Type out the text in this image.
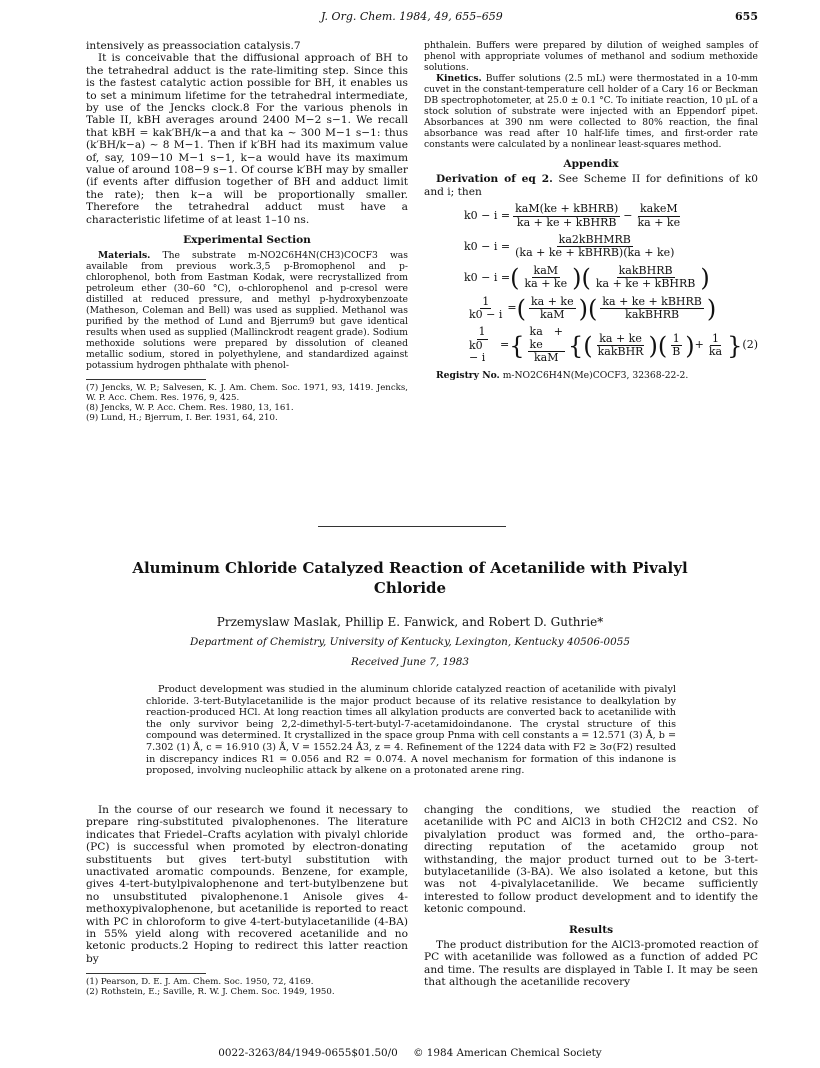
J. Org. Chem. 1984, 49, 655–659	655

intensively as preassociation catalysis.7

It is conceivable that the diffusional approach of BH to the tetrahedral adduct is the rate-limiting step. Since this is the fastest catalytic action possible for BH, it enables us to set a minimum lifetime for the tetrahedral intermediate, by use of the Jencks clock.8 For the various phenols in Table II, kBH averages around 2400 M−2 s−1. We recall that kBH = kak′BH/k−a and that ka ∼ 300 M−1 s−1: thus (k′BH/k−a) ∼ 8 M−1. Then if k′BH had its maximum value of, say, 109−10 M−1 s−1, k−a would have its maximum value of around 108−9 s−1. Of course k′BH may by smaller (if events after diffusion together of BH and adduct limit the rate); then k−a will be proportionally smaller. Therefore the tetrahedral adduct must have a characteristic lifetime of at least 1–10 ns.

Experimental Section

Materials. The substrate m-NO2C6H4N(CH3)COCF3 was available from previous work.3,5 p-Bromophenol and p-chlorophenol, both from Eastman Kodak, were recrystallized from petroleum ether (30–60 °C), o-chlorophenol and p-cresol were distilled at reduced pressure, and methyl p-hydroxybenzoate (Matheson, Coleman and Bell) was used as supplied. Methanol was purified by the method of Lund and Bjerrum9 but gave identical results when used as supplied (Mallinckrodt reagent grade). Sodium methoxide solutions were prepared by dissolution of cleaned metallic sodium, stored in polyethylene, and standardized against potassium hydrogen phthalate with phenol-

(7) Jencks, W. P.; Salvesen, K. J. Am. Chem. Soc. 1971, 93, 1419. Jencks, W. P. Acc. Chem. Res. 1976, 9, 425.

(8) Jencks, W. P. Acc. Chem. Res. 1980, 13, 161.

(9) Lund, H.; Bjerrum, I. Ber. 1931, 64, 210.

phthalein. Buffers were prepared by dilution of weighed samples of phenol with appropriate volumes of methanol and sodium methoxide solutions.

Kinetics. Buffer solutions (2.5 mL) were thermostated in a 10-mm cuvet in the constant-temperature cell holder of a Cary 16 or Beckman DB spectrophotometer, at 25.0 ± 0.1 °C. To initiate reaction, 10 μL of a stock solution of substrate were injected with an Eppendorf pipet. Absorbances at 390 nm were collected to 80% reaction, the final absorbance was read after 10 half-life times, and first-order rate constants were calculated by a nonlinear least-squares method.

Appendix

Derivation of eq 2. See Scheme II for definitions of k0 and i; then

$k0 - i = \frac{\text{kaM(ke + kBHRB)}}{\text{ka + ke + kBHRB}} - \frac{\text{kakeM}}{ka + ke}$
$k0 - i = \frac{\text{ka2kBHMRB}}{\text{(ka + ke + kBHRB)(ka + ke)}}$
k0 − i = ( $\frac{\text{kaM}}{ka + ke}$ ) ( $\frac{\text{kakBHRB}}{\text{ka + ke + kBHRB}}$ )
$\frac{1}{k0 - i}$ = ( $\frac{ka + ke}{\text{kaM}}$ ) ( $\frac{\text{ka + ke + kBHRB}}{\text{kakBHRB}}$ )
$\frac{1}{k0 - i}$ = { $\frac{ka + ke}{\text{kaM}}$ { ( $\frac{ka + ke}{\text{kakBHR}}$ ) ( $\frac{1}{B}$ ) + $\frac{1}{ka}$ } (2)

Registry No. m-NO2C6H4N(Me)COCF3, 32368-22-2.

Aluminum Chloride Catalyzed Reaction of Acetanilide with Pivalyl Chloride
Przemyslaw Maslak, Phillip E. Fanwick, and Robert D. Guthrie*
Department of Chemistry, University of Kentucky, Lexington, Kentucky 40506-0055
Received June 7, 1983

Product development was studied in the aluminum chloride catalyzed reaction of acetanilide with pivalyl chloride. 3-tert-Butylacetanilide is the major product because of its relative resistance to dealkylation by reaction-produced HCl. At long reaction times all alkylation products are converted back to acetanilide with the only survivor being 2,2-dimethyl-5-tert-butyl-7-acetamidoindanone. The crystal structure of this compound was determined. It crystallized in the space group Pnma with cell constants a = 12.571 (3) Å, b = 7.302 (1) Å, c = 16.910 (3) Å, V = 1552.24 Å3, z = 4. Refinement of the 1224 data with F2 ≥ 3σ(F2) resulted in discrepancy indices R1 = 0.056 and R2 = 0.074. A novel mechanism for formation of this indanone is proposed, involving nucleophilic attack by alkene on a protonated arene ring.

In the course of our research we found it necessary to prepare ring-substituted pivalophenones. The literature indicates that Friedel–Crafts acylation with pivalyl chloride (PC) is successful when promoted by electron-donating substituents but gives tert-butyl substitution with unactivated aromatic compounds. Benzene, for example, gives 4-tert-butylpivalophenone and tert-butylbenzene but no unsubstituted pivalophenone.1 Anisole gives 4-methoxypivalophenone, but acetanilide is reported to react with PC in chloroform to give 4-tert-butylacetanilide (4-BA) in 55% yield along with recovered acetanilide and no ketonic products.2 Hoping to redirect this latter reaction by

(1) Pearson, D. E. J. Am. Chem. Soc. 1950, 72, 4169.

(2) Rothstein, E.; Saville, R. W. J. Chem. Soc. 1949, 1950.

changing the conditions, we studied the reaction of acetanilide with PC and AlCl3 in both CH2Cl2 and CS2. No pivalylation product was formed and, the ortho–para-directing reputation of the acetamido group not withstanding, the major product turned out to be 3-tert-butylacetanilide (3-BA). We also isolated a ketone, but this was not 4-pivalylacetanilide. We became sufficiently interested to follow product development and to identify the ketonic compound.

Results

The product distribution for the AlCl3-promoted reaction of PC with acetanilide was followed as a function of added PC and time. The results are displayed in Table I. It may be seen that although the acetanilide recovery

0022-3263/84/1949-0655$01.50/0 © 1984 American Chemical Society
